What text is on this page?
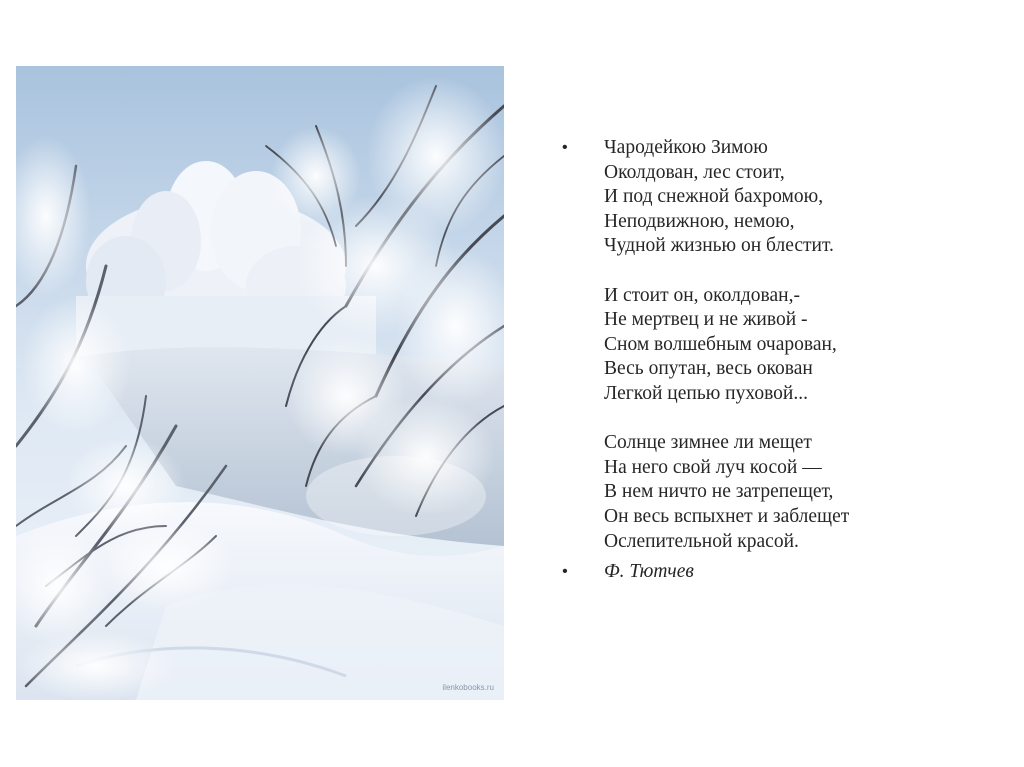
ilenkobooks.ru
• Чародейкою Зимою
Околдован, лес стоит,
И под снежной бахромою,
Неподвижною, немою,
Чудной жизнью он блестит.
И стоит он, околдован,-
Не мертвец и не живой -
Сном волшебным очарован,
Весь опутан, весь окован
Легкой цепью пуховой...
Солнце зимнее ли мещет
На него свой луч косой —
В нем ничто не затрепещет,
Он весь вспыхнет и заблещет
Ослепительной красой.
• Ф. Тютчев
